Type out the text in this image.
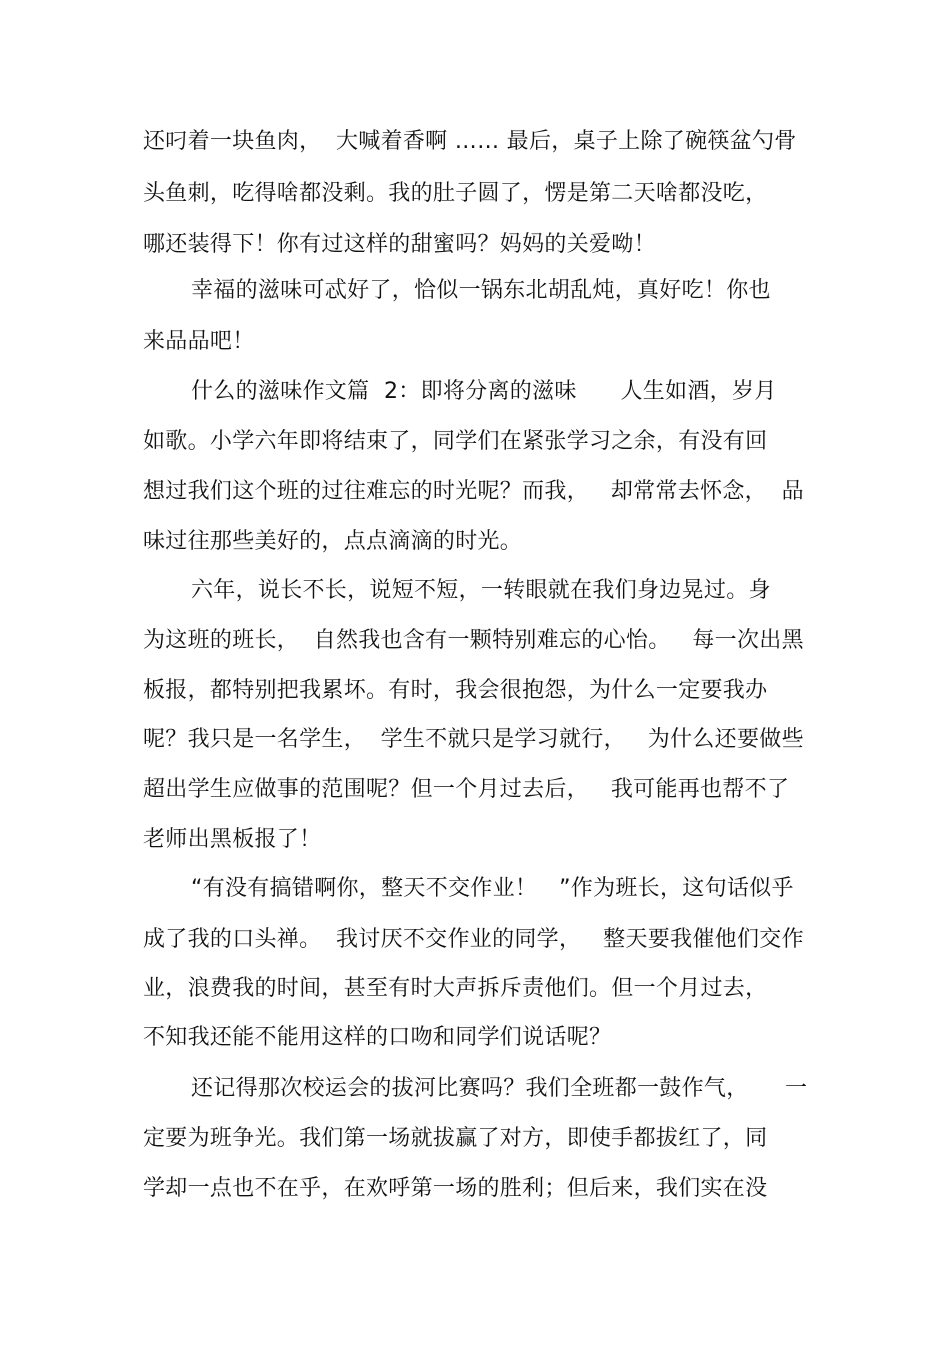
还叼着一块鱼肉，  大喊着香啊 …… 最后，桌子上除了碗筷盆勺骨
头鱼刺，吃得啥都没剩。我的肚子圆了，愣是第二天啥都没吃，
哪还装得下！你有过这样的甜蜜吗？妈妈的关爱呦！
幸福的滋味可忒好了，恰似一锅东北胡乱炖，真好吃！你也
来品品吧！
什么的滋味作文篇  2：即将分离的滋味      人生如酒，岁月
如歌。小学六年即将结束了，同学们在紧张学习之余，有没有回
想过我们这个班的过往难忘的时光呢？而我，   却常常去怀念，  品
味过往那些美好的，点点滴滴的时光。
六年，说长不长，说短不短，一转眼就在我们身边晃过。身
为这班的班长，  自然我也含有一颗特别难忘的心怡。   每一次出黑
板报，都特别把我累坏。有时，我会很抱怨，为什么一定要我办
呢？我只是一名学生，  学生不就只是学习就行，   为什么还要做些
超出学生应做事的范围呢？但一个月过去后，   我可能再也帮不了
老师出黑板报了！
“有没有搞错啊你，整天不交作业！   ”作为班长，这句话似乎
成了我的口头禅。  我讨厌不交作业的同学，   整天要我催他们交作
业，浪费我的时间，甚至有时大声拆斥责他们。但一个月过去，
不知我还能不能用这样的口吻和同学们说话呢？
还记得那次校运会的拔河比赛吗？我们全班都一鼓作气，     一
定要为班争光。我们第一场就拔赢了对方，即使手都拔红了，同
学却一点也不在乎，在欢呼第一场的胜利；但后来，我们实在没
